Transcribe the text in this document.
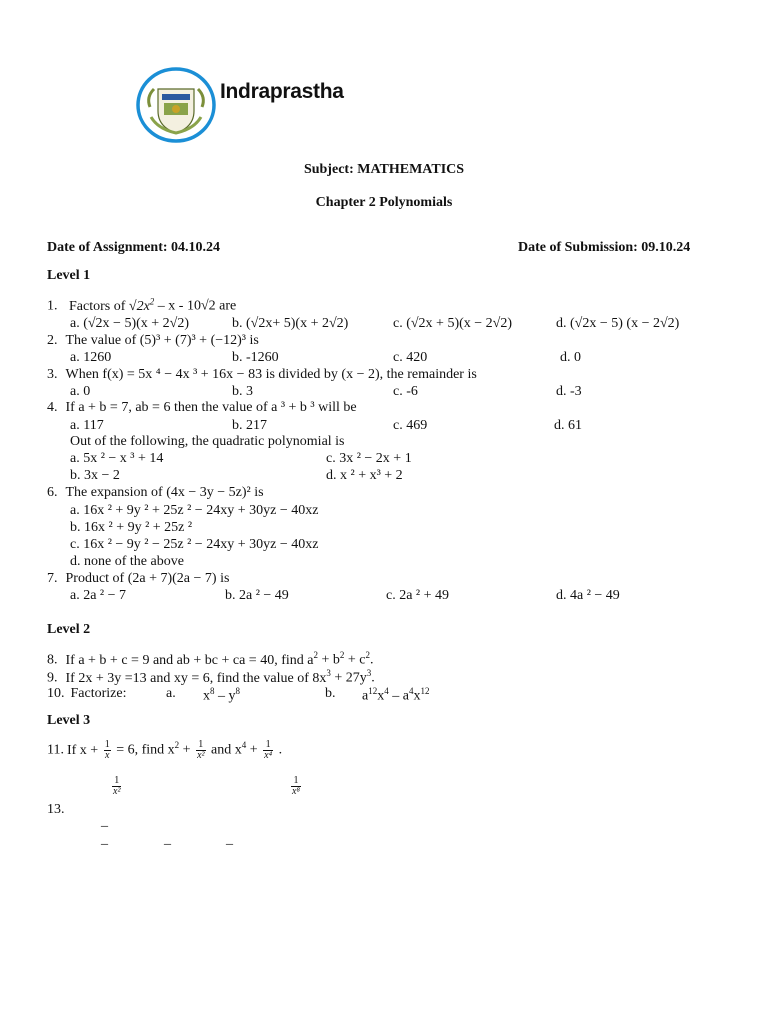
Indraprastha
Subject: MATHEMATICS
Chapter 2 Polynomials
Date of Assignment: 04.10.24	Date of Submission: 09.10.24
Level 1
1. Factors of $√2x^2$ – x - 10√2 are
a. (√2x − 5)(x + 2√2)	b. (√2x+ 5)(x + 2√2)	c. (√2x + 5)(x − 2√2)	d. (√2x − 5) (x − 2√2)
2. The value of (5)³ + (7)³ + (−12)³ is
a. 1260	b. -1260	c. 420	d. 0
3. When f(x) = 5x ⁴ − 4x ³ + 16x − 83 is divided by (x − 2), the remainder is
a. 0	b. 3	c. -6	d. -3
4. If a + b = 7, ab = 6 then the value of a ³ + b ³ will be
a. 117	b. 217	c. 469	d. 61
Out of the following, the quadratic polynomial is
a. 5x ² − x ³ + 14	c. 3x ² − 2x + 1
b. 3x − 2	d. x ² + x³ + 2
6. The expansion of (4x − 3y − 5z)² is
a. 16x ² + 9y ² + 25z ² − 24xy + 30yz − 40xz
b. 16x ² + 9y ² + 25z ²
c. 16x ² − 9y ² − 25z ² − 24xy + 30yz − 40xz
d. none of the above
7. Product of (2a + 7)(2a − 7) is
a. 2a ² − 7	b. 2a ² − 49	c. 2a ² + 49	d. 4a ² − 49
Level 2
8. If a + b + c = 9 and ab + bc + ca = 40, find $a^2 + b^2 + c^2$.
9. If 2x + 3y =13 and xy = 6, find the value of $8x^3 + 27y^3$.
10. Factorize:	a. $x^8 - y^8$	b. $a^{12}x^4 - a^4x^{12}$
Level 3
11. If $x + \frac{1}{x} = 6$, find $x^2 + \frac{1}{\text{x²}}$ and $x^4 + \frac{1}{\text{x⁴}}$ .
$\frac{1}{\text{x²}}$	$\frac{1}{\text{x⁸}}$
13.
_
_	_	_
